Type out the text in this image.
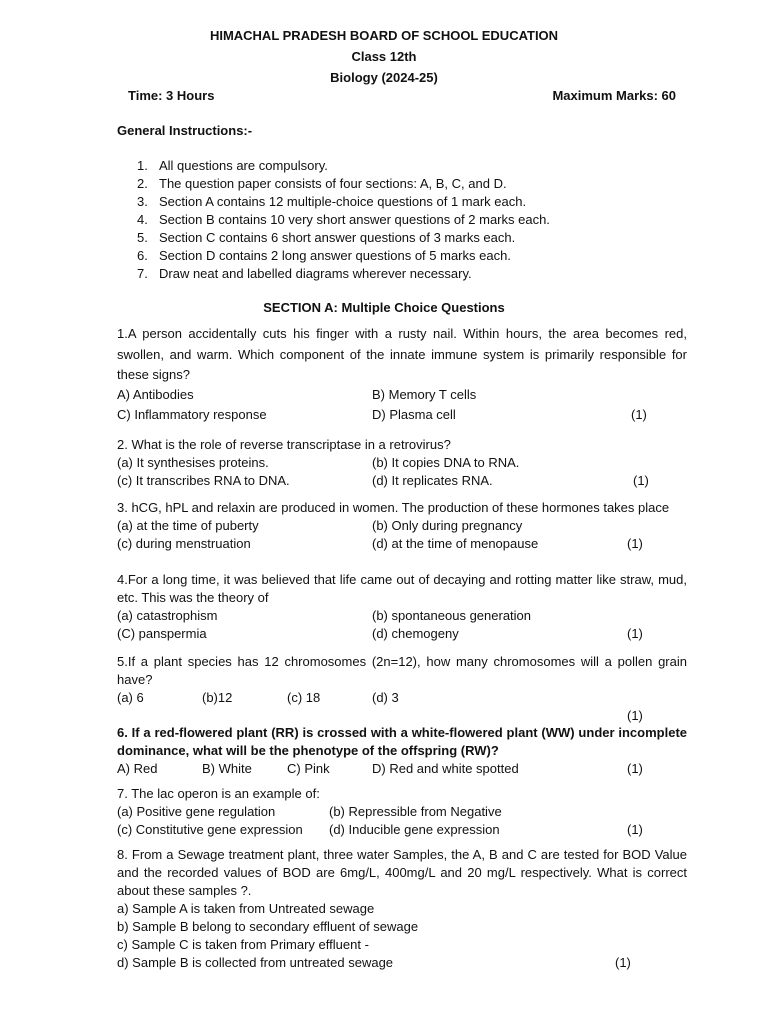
HIMACHAL PRADESH BOARD OF SCHOOL EDUCATION
Class 12th
Biology (2024-25)
Time: 3 Hours	Maximum Marks: 60
General Instructions:-
1. All questions are compulsory.
2. The question paper consists of four sections: A, B, C, and D.
3. Section A contains 12 multiple-choice questions of 1 mark each.
4. Section B contains 10 very short answer questions of 2 marks each.
5. Section C contains 6 short answer questions of 3 marks each.
6. Section D contains 2 long answer questions of 5 marks each.
7. Draw neat and labelled diagrams wherever necessary.
SECTION A: Multiple Choice Questions
1.A person accidentally cuts his finger with a rusty nail. Within hours, the area becomes red, swollen, and warm. Which component of the innate immune system is primarily responsible for these signs?
A) Antibodies	B) Memory T cells
C) Inflammatory response	D) Plasma cell	(1)
2. What is the role of reverse transcriptase in a retrovirus?
(a) It synthesises proteins.	(b) It copies DNA to RNA.
(c) It transcribes RNA to DNA.	(d) It replicates RNA.	(1)
3. hCG, hPL and relaxin are produced in women. The production of these hormones takes place
(a) at the time of puberty	(b) Only during pregnancy
(c) during menstruation	(d) at the time of menopause	(1)
4.For a long time, it was believed that life came out of decaying and rotting matter like straw, mud, etc. This was the theory of
(a) catastrophism	(b) spontaneous generation
(C) panspermia	(d) chemogeny	(1)
5.If a plant species has 12 chromosomes (2n=12), how many chromosomes will a pollen grain have?
(a) 6	(b)12	(c) 18	(d) 3
(1)
6. If a red-flowered plant (RR) is crossed with a white-flowered plant (WW) under incomplete dominance, what will be the phenotype of the offspring (RW)?
A) Red	B) White	C) Pink	D) Red and white spotted	(1)
7. The lac operon is an example of:
(a) Positive gene regulation	(b) Repressible from Negative
(c) Constitutive gene expression (d) Inducible gene expression	(1)
8. From a Sewage treatment plant, three water Samples, the A, B and C are tested for BOD Value and the recorded values of BOD are 6mg/L, 400mg/L and 20 mg/L respectively. What is correct about these samples ?.
a) Sample A is taken from Untreated sewage
b) Sample B belong to secondary effluent of sewage
c) Sample C is taken from Primary effluent -
d) Sample B is collected from untreated sewage	(1)
